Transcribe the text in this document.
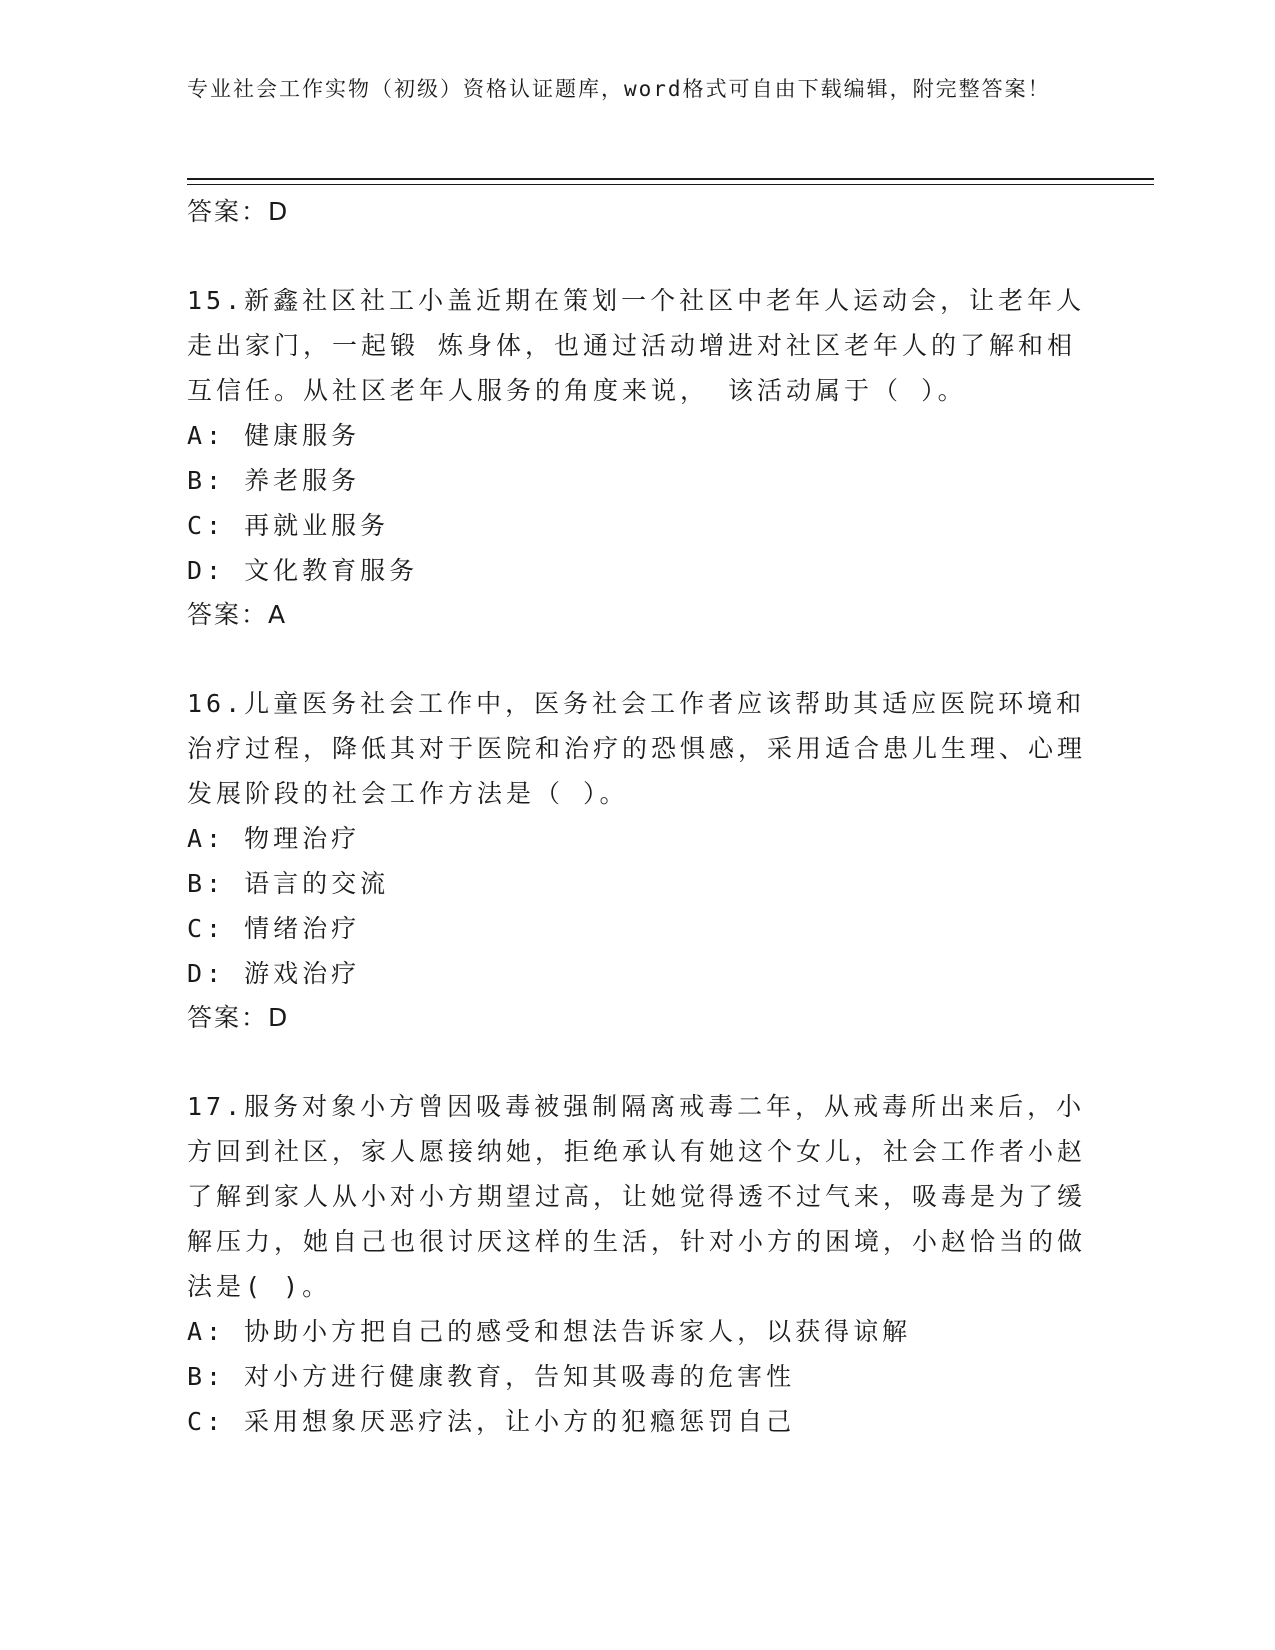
专业社会工作实物（初级）资格认证题库，word格式可自由下载编辑，附完整答案！
答案：D

15.新鑫社区社工小盖近期在策划一个社区中老年人运动会，让老年人走出家门，一起锻 炼身体，也通过活动增进对社区老年人的了解和相互信任。从社区老年人服务的角度来说， 该活动属于（ ）。

A: 健康服务
B: 养老服务
C: 再就业服务
D: 文化教育服务
答案：A

16.儿童医务社会工作中，医务社会工作者应该帮助其适应医院环境和治疗过程，降低其对于医院和治疗的恐惧感，采用适合患儿生理、心理发展阶段的社会工作方法是（ ）。

A: 物理治疗
B: 语言的交流
C: 情绪治疗
D: 游戏治疗
答案：D

17.服务对象小方曾因吸毒被强制隔离戒毒二年，从戒毒所出来后，小方回到社区，家人愿接纳她，拒绝承认有她这个女儿，社会工作者小赵了解到家人从小对小方期望过高，让她觉得透不过气来，吸毒是为了缓解压力，她自己也很讨厌这样的生活，针对小方的困境，小赵恰当的做法是( )。

A: 协助小方把自己的感受和想法告诉家人，以获得谅解
B: 对小方进行健康教育，告知其吸毒的危害性
C: 采用想象厌恶疗法，让小方的犯瘾惩罚自己
